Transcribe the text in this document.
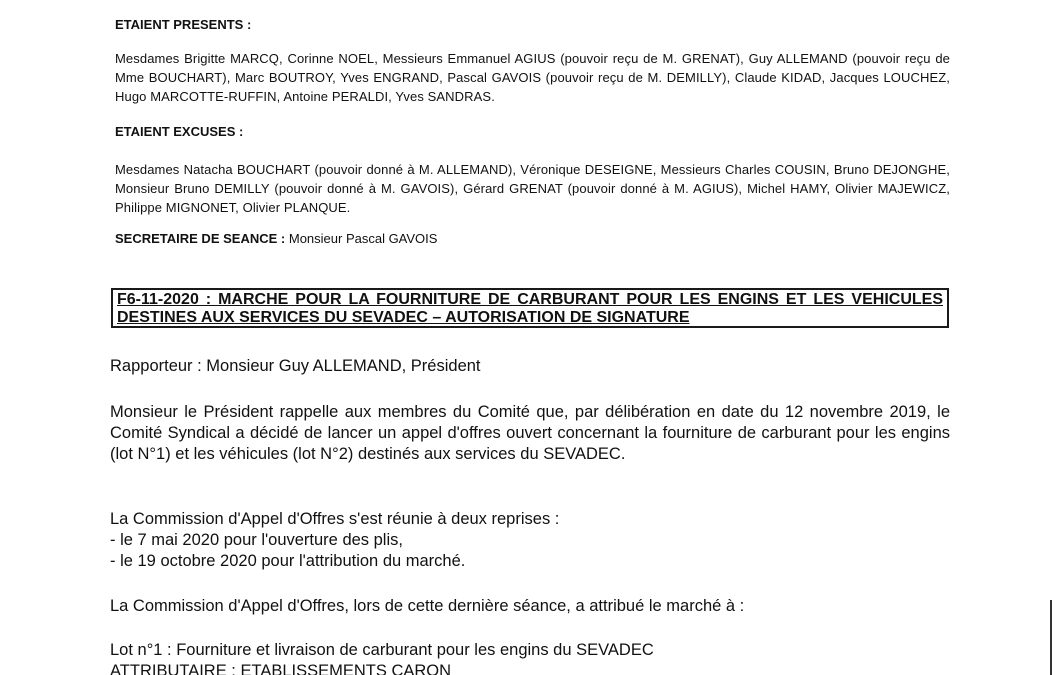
ETAIENT PRESENTS :
Mesdames Brigitte MARCQ, Corinne NOEL, Messieurs Emmanuel AGIUS (pouvoir reçu de M. GRENAT), Guy ALLEMAND (pouvoir reçu de Mme BOUCHART), Marc BOUTROY, Yves ENGRAND, Pascal GAVOIS (pouvoir reçu de M. DEMILLY), Claude KIDAD, Jacques LOUCHEZ, Hugo MARCOTTE-RUFFIN, Antoine PERALDI, Yves SANDRAS.
ETAIENT EXCUSES :
Mesdames Natacha BOUCHART (pouvoir donné à M. ALLEMAND), Véronique DESEIGNE, Messieurs Charles COUSIN, Bruno DEJONGHE, Monsieur Bruno DEMILLY (pouvoir donné à M. GAVOIS), Gérard GRENAT (pouvoir donné à M. AGIUS), Michel HAMY, Olivier MAJEWICZ, Philippe MIGNONET, Olivier PLANQUE.
SECRETAIRE DE SEANCE : Monsieur Pascal GAVOIS
F6-11-2020 : MARCHE POUR LA FOURNITURE DE CARBURANT POUR LES ENGINS ET LES VEHICULES DESTINES AUX SERVICES DU SEVADEC – AUTORISATION DE SIGNATURE
Rapporteur : Monsieur Guy ALLEMAND, Président
Monsieur le Président rappelle aux membres du Comité que, par délibération en date du 12 novembre 2019, le Comité Syndical a décidé de lancer un appel d'offres ouvert concernant la fourniture de carburant pour les engins (lot N°1) et les véhicules (lot N°2) destinés aux services du SEVADEC.
La Commission d'Appel d'Offres s'est réunie à deux reprises :
- le 7 mai 2020 pour l'ouverture des plis,
- le 19 octobre 2020 pour l'attribution du marché.
La Commission d'Appel d'Offres, lors de cette dernière séance, a attribué le marché à :
Lot n°1 : Fourniture et livraison de carburant pour les engins du SEVADEC
ATTRIBUTAIRE : ETABLISSEMENTS CARON
